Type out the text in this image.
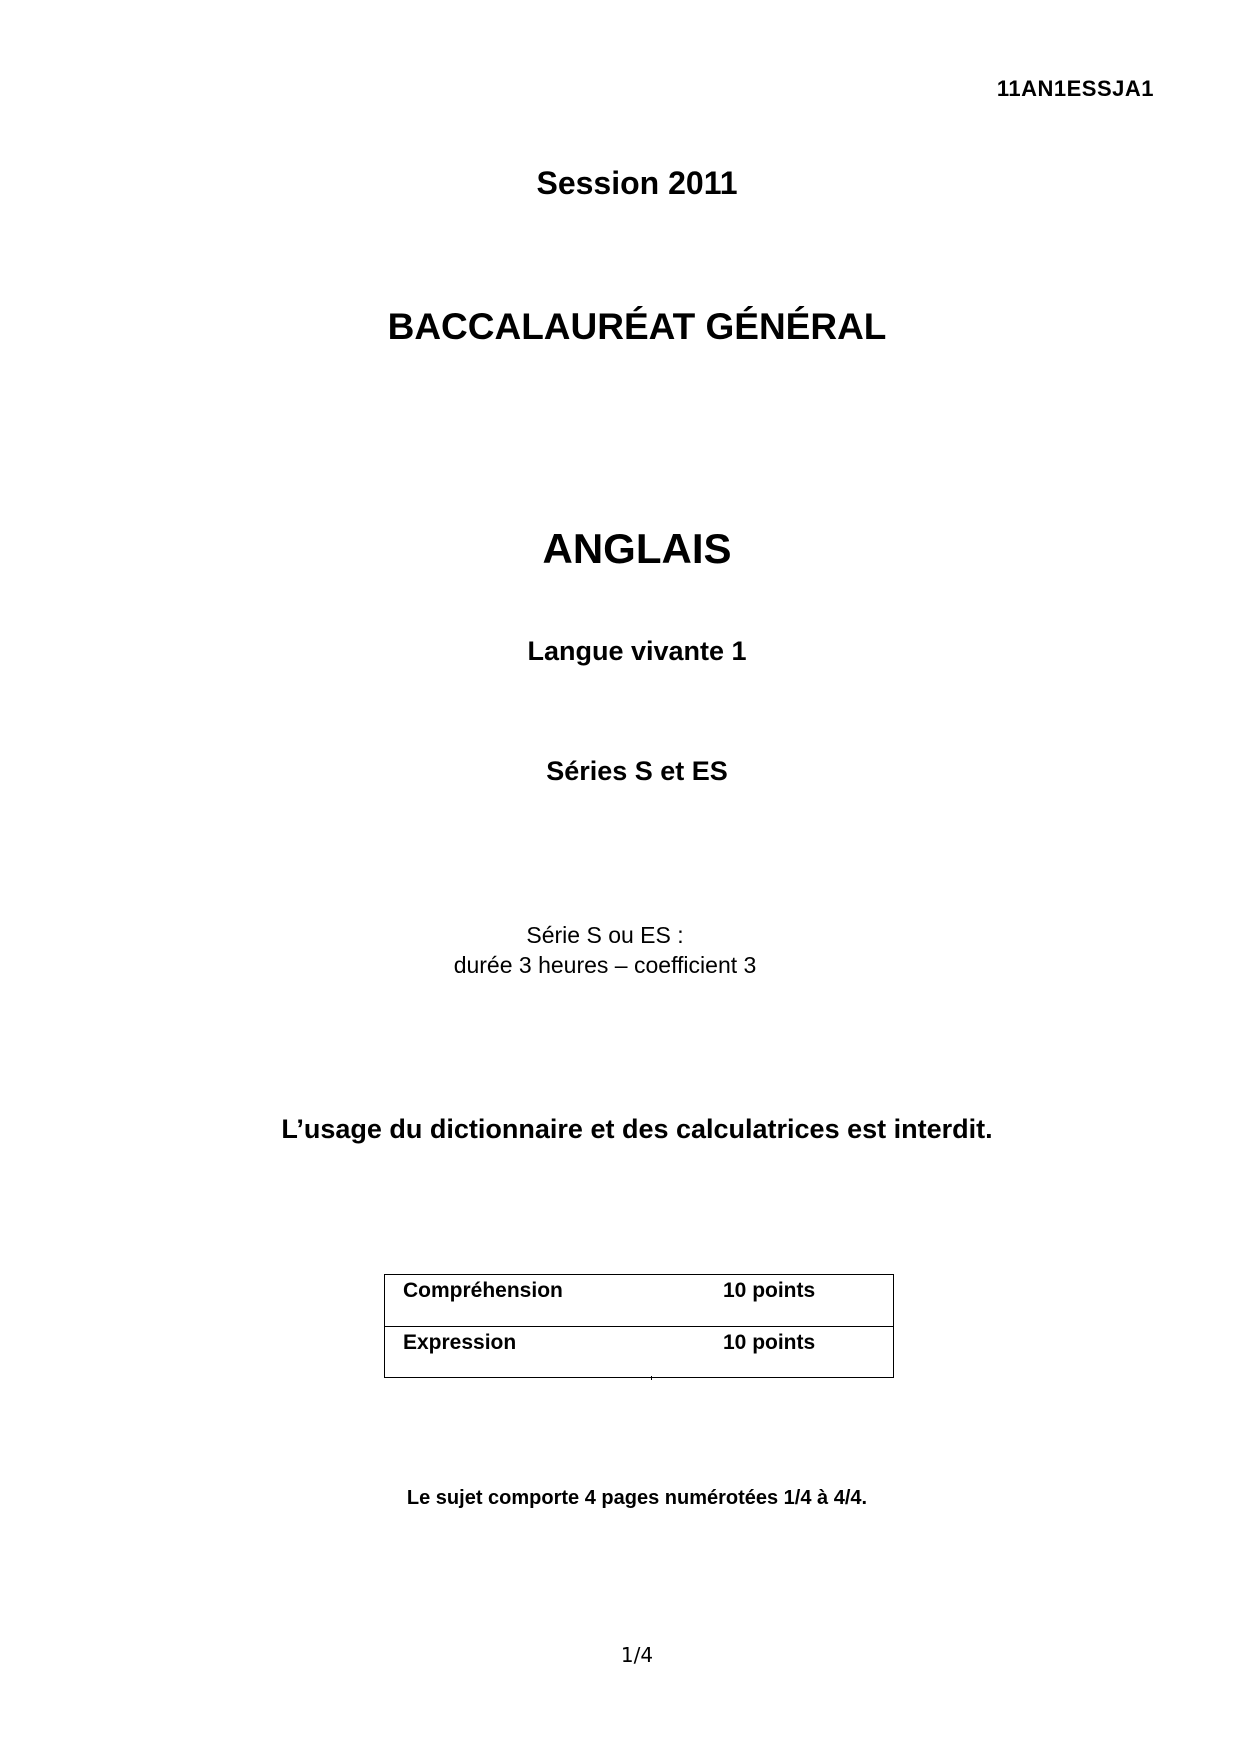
11AN1ESSJA1
Session 2011
BACCALAURÉAT GÉNÉRAL
ANGLAIS
Langue vivante 1
Séries S et ES
Série S ou ES :
durée 3 heures – coefficient 3
L’usage du dictionnaire et des calculatrices est interdit.
Compréhension	10 points
Expression	10 points
Le sujet comporte 4 pages numérotées 1/4 à 4/4.
1/4
